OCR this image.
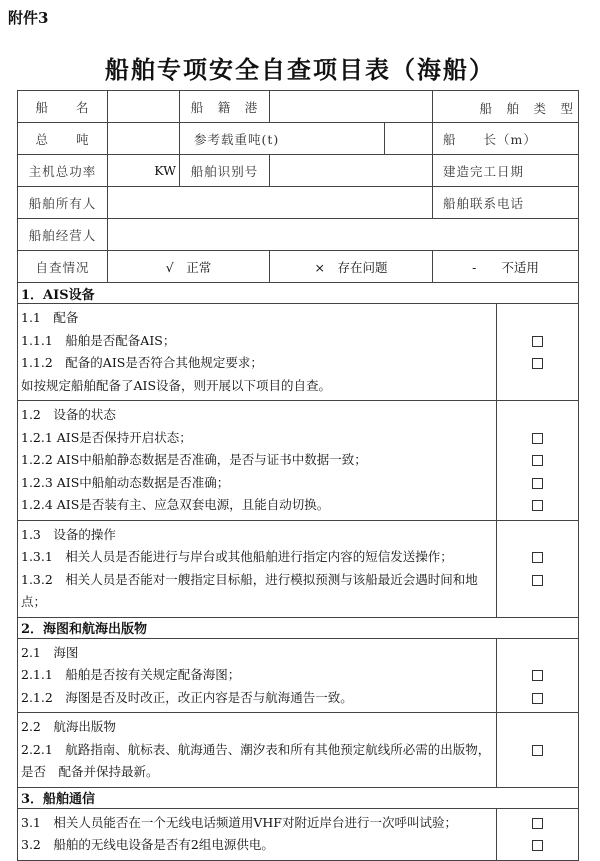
附件3
船舶专项安全自查项目表（海船）
船　　名		船　籍　港				船　舶　类　型

总　　吨		参考载重吨(t)			船　　长（m）	
主机总功率	KW	船舶识别号			建造完工日期	
船舶所有人					船舶联系电话	
船舶经营人						
自查情况	√　正常		×　存在问题		-　　不适用	
1．AIS设备						

1.1　配备
1.1.1　船舶是否配备AIS；
1.1.2　配备的AIS是否符合其他规定要求；
如按规定船舶配备了AIS设备，则开展以下项目的自查。						

1.2　设备的状态
1.2.1 AIS是否保持开启状态；
1.2.2 AIS中船舶静态数据是否准确，是否与证书中数据一致；
1.2.3 AIS中船舶动态数据是否准确；
1.2.4 AIS是否装有主、应急双套电源，且能自动切换。						

1.3　设备的操作
1.3.1　相关人员是否能进行与岸台或其他船舶进行指定内容的短信发送操作；
1.3.2　相关人员是否能对一艘指定目标船，进行模拟预测与该船最近会遇时间和地点；						

2．海图和航海出版物						

2.1　海图
2.1.1　船舶是否按有关规定配备海图；
2.1.2　海图是否及时改正，改正内容是否与航海通告一致。						

2.2　航海出版物
2.2.1　航路指南、航标表、航海通告、潮汐表和所有其他预定航线所必需的出版物，是否　配备并保持最新。						

3．船舶通信						

3.1　相关人员能否在一个无线电话频道用VHF对附近岸台进行一次呼叫试验；
3.2　船舶的无线电设备是否有2组电源供电。						
